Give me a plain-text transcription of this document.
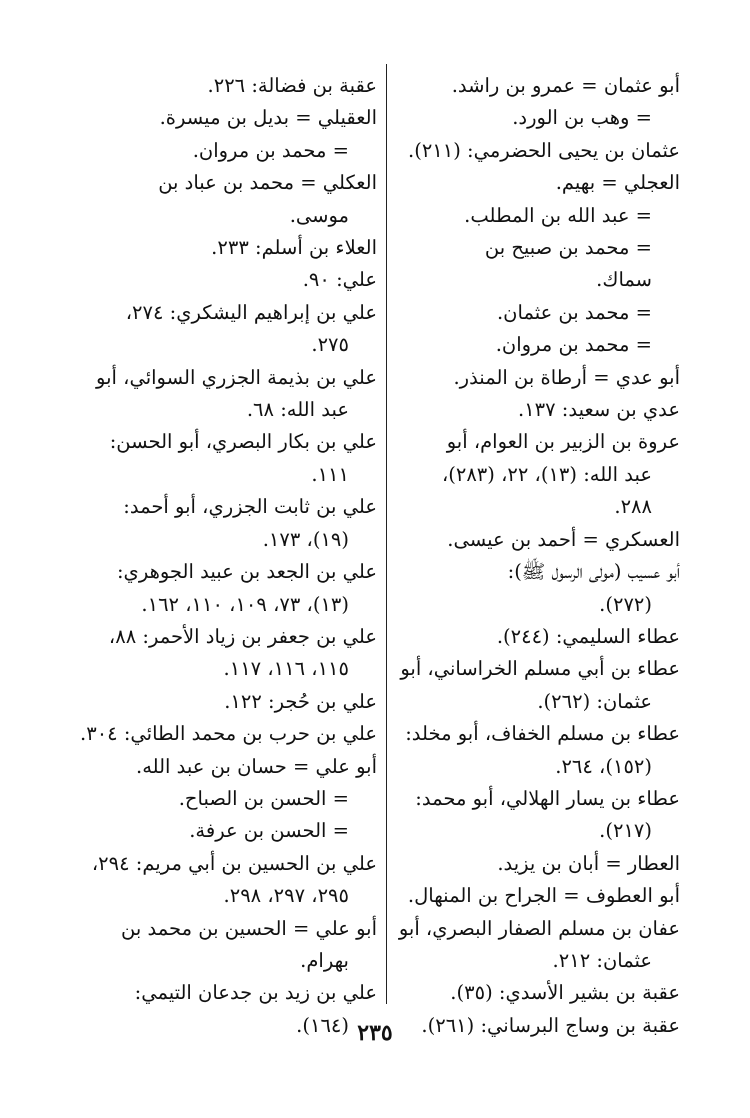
أبو عثمان = عمرو بن راشد.
= وهب بن الورد.
عثمان بن يحيى الحضرمي: (٢١١).
العجلي = بهيم.
= عبد الله بن المطلب.
= محمد بن صبيح بن
سماك.
= محمد بن عثمان.
= محمد بن مروان.
أبو عدي = أرطاة بن المنذر.
عدي بن سعيد: ١٣٧.
عروة بن الزبير بن العوام، أبو
عبد الله: (١٣)، ٢٢، (٢٨٣)،
٢٨٨.
العسكري = أحمد بن عيسى.
أبو عسيب (مولى الرسول ﷺ):
(٢٧٢).
عطاء السليمي: (٢٤٤).
عطاء بن أبي مسلم الخراساني، أبو
عثمان: (٢٦٢).
عطاء بن مسلم الخفاف، أبو مخلد:
(١٥٢)، ٢٦٤.
عطاء بن يسار الهلالي، أبو محمد:
(٢١٧).
العطار = أبان بن يزيد.
أبو العطوف = الجراح بن المنهال.
عفان بن مسلم الصفار البصري، أبو
عثمان: ٢١٢.
عقبة بن بشير الأسدي: (٣٥).
عقبة بن وساج البرساني: (٢٦١).
عقبة بن فضالة: ٢٢٦.
العقيلي = بديل بن ميسرة.
= محمد بن مروان.
العكلي = محمد بن عباد بن
موسى.
العلاء بن أسلم: ٢٣٣.
علي: ٩٠.
علي بن إبراهيم اليشكري: ٢٧٤،
٢٧٥.
علي بن بذيمة الجزري السوائي، أبو
عبد الله: ٦٨.
علي بن بكار البصري، أبو الحسن:
١١١.
علي بن ثابت الجزري، أبو أحمد:
(١٩)، ١٧٣.
علي بن الجعد بن عبيد الجوهري:
(١٣)، ٧٣، ١٠٩، ١١٠، ١٦٢.
علي بن جعفر بن زياد الأحمر: ٨٨،
١١٥، ١١٦، ١١٧.
علي بن حُجر: ١٢٢.
علي بن حرب بن محمد الطائي: ٣٠٤.
أبو علي = حسان بن عبد الله.
= الحسن بن الصباح.
= الحسن بن عرفة.
علي بن الحسين بن أبي مريم: ٢٩٤،
٢٩٥، ٢٩٧، ٢٩٨.
أبو علي = الحسين بن محمد بن
بهرام.
علي بن زيد بن جدعان التيمي:
(١٦٤). ٢٣٥
